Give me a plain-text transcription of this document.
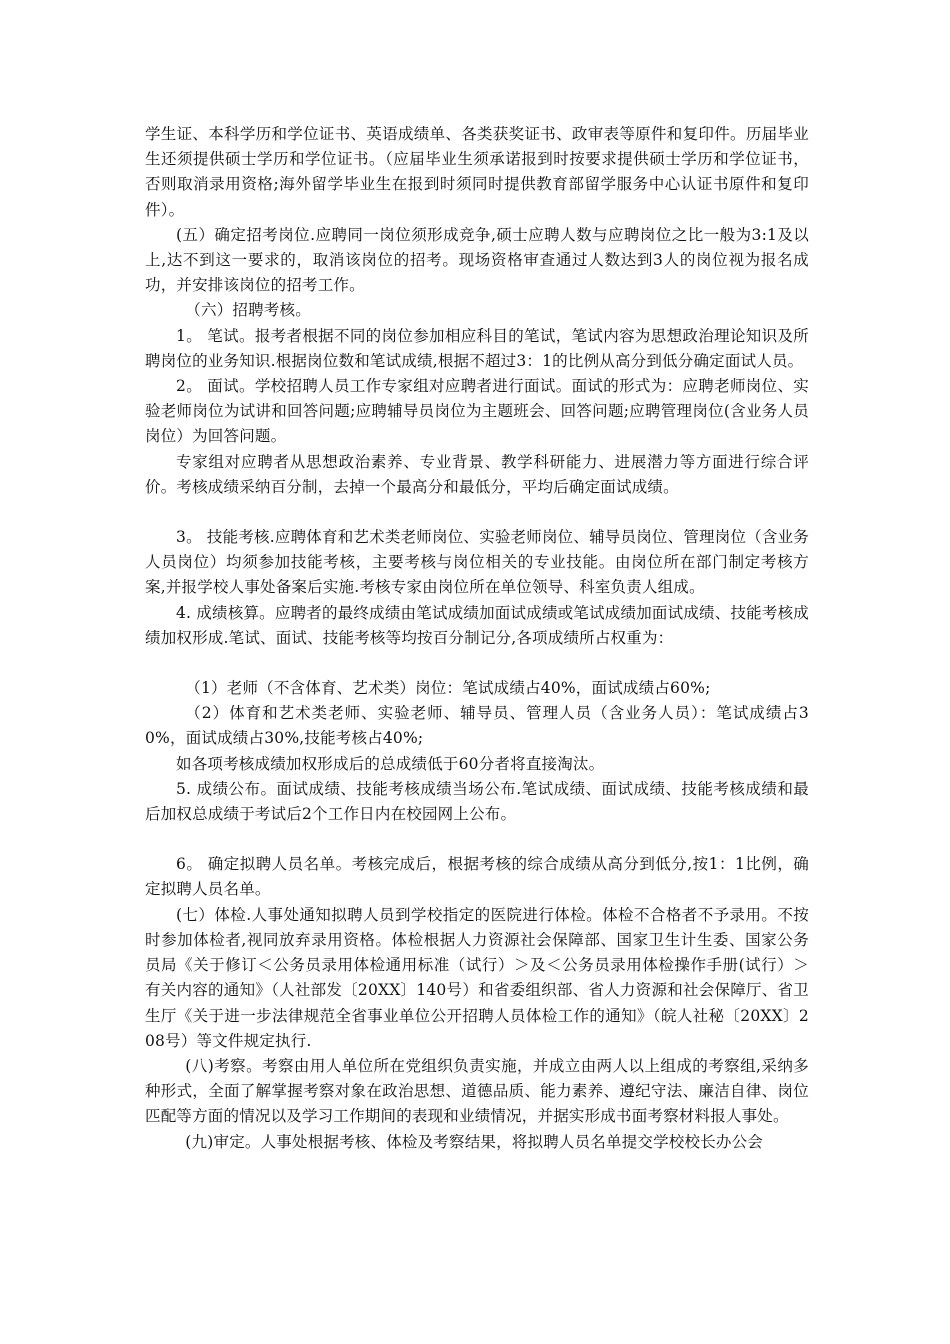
学生证、本科学历和学位证书、英语成绩单、各类获奖证书、政审表等原件和复印件。历届毕业生还须提供硕士学历和学位证书。（应届毕业生须承诺报到时按要求提供硕士学历和学位证书，否则取消录用资格;海外留学毕业生在报到时须同时提供教育部留学服务中心认证书原件和复印件）。

(五）确定招考岗位.应聘同一岗位须形成竞争,硕士应聘人数与应聘岗位之比一般为3:1及以上,达不到这一要求的，取消该岗位的招考。现场资格审查通过人数达到3人的岗位视为报名成功，并安排该岗位的招考工作。

（六）招聘考核。

1。 笔试。报考者根据不同的岗位参加相应科目的笔试，笔试内容为思想政治理论知识及所聘岗位的业务知识.根据岗位数和笔试成绩,根据不超过3：1的比例从高分到低分确定面试人员。

2。 面试。学校招聘人员工作专家组对应聘者进行面试。面试的形式为：应聘老师岗位、实验老师岗位为试讲和回答问题;应聘辅导员岗位为主题班会、回答问题;应聘管理岗位(含业务人员岗位）为回答问题。

专家组对应聘者从思想政治素养、专业背景、教学科研能力、进展潜力等方面进行综合评价。考核成绩采纳百分制，去掉一个最高分和最低分，平均后确定面试成绩。

3。 技能考核.应聘体育和艺术类老师岗位、实验老师岗位、辅导员岗位、管理岗位（含业务人员岗位）均须参加技能考核，主要考核与岗位相关的专业技能。由岗位所在部门制定考核方案,并报学校人事处备案后实施.考核专家由岗位所在单位领导、科室负责人组成。

4. 成绩核算。应聘者的最终成绩由笔试成绩加面试成绩或笔试成绩加面试成绩、技能考核成绩加权形成.笔试、面试、技能考核等均按百分制记分,各项成绩所占权重为：

（1）老师（不含体育、艺术类）岗位：笔试成绩占40%，面试成绩占60%;

（2）体育和艺术类老师、实验老师、辅导员、管理人员（含业务人员）：笔试成绩占30%，面试成绩占30%,技能考核占40%;

如各项考核成绩加权形成后的总成绩低于60分者将直接淘汰。

5. 成绩公布。面试成绩、技能考核成绩当场公布.笔试成绩、面试成绩、技能考核成绩和最后加权总成绩于考试后2个工作日内在校园网上公布。

6。 确定拟聘人员名单。考核完成后，根据考核的综合成绩从高分到低分,按1：1比例，确定拟聘人员名单。

(七）体检.人事处通知拟聘人员到学校指定的医院进行体检。体检不合格者不予录用。不按时参加体检者,视同放弃录用资格。体检根据人力资源社会保障部、国家卫生计生委、国家公务员局《关于修订＜公务员录用体检通用标准（试行）＞及＜公务员录用体检操作手册(试行）＞有关内容的通知》（人社部发〔20XX〕140号）和省委组织部、省人力资源和社会保障厅、省卫生厅《关于进一步法律规范全省事业单位公开招聘人员体检工作的通知》（皖人社秘〔20XX〕208号）等文件规定执行.

(八)考察。考察由用人单位所在党组织负责实施，并成立由两人以上组成的考察组,采纳多种形式，全面了解掌握考察对象在政治思想、道德品质、能力素养、遵纪守法、廉洁自律、岗位匹配等方面的情况以及学习工作期间的表现和业绩情况，并据实形成书面考察材料报人事处。

(九)审定。人事处根据考核、体检及考察结果，将拟聘人员名单提交学校校长办公会
